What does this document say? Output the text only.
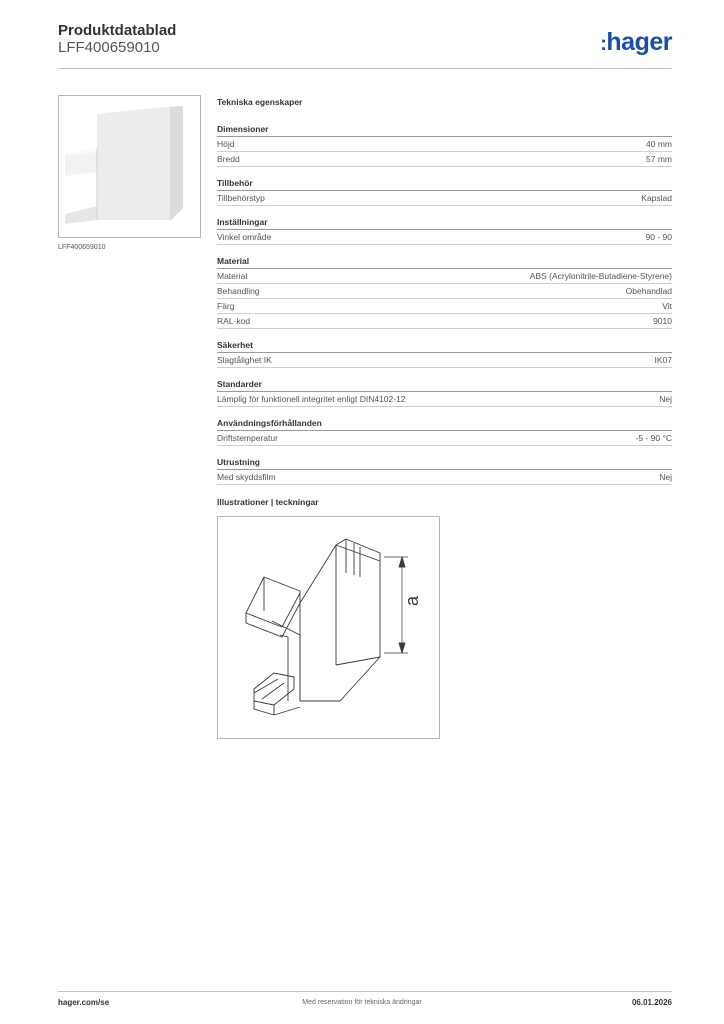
Produktdatablad
LFF400659010	:hager
LFF400659010
Tekniska egenskaper
Dimensioner
Höjd	40 mm
Bredd	57 mm
Tillbehör
Tillbehörstyp	Kapslad
Inställningar
Vinkel område	90 - 90
Material
Material	ABS (Acrylonitrile-Butadiene-Styrene)
Behandling	Obehandlad
Färg	Vit
RAL-kod	9010
Säkerhet
Slagtålighet IK	IK07
Standarder
Lämplig för funktionell integritet enligt DIN4102-12	Nej
Användningsförhållanden
Driftstemperatur	-5 - 90 °C
Utrustning
Med skyddsfilm	Nej
Illustrationer | teckningar
a
hager.com/se	Med reservation för tekniska ändringar	06.01.2026
